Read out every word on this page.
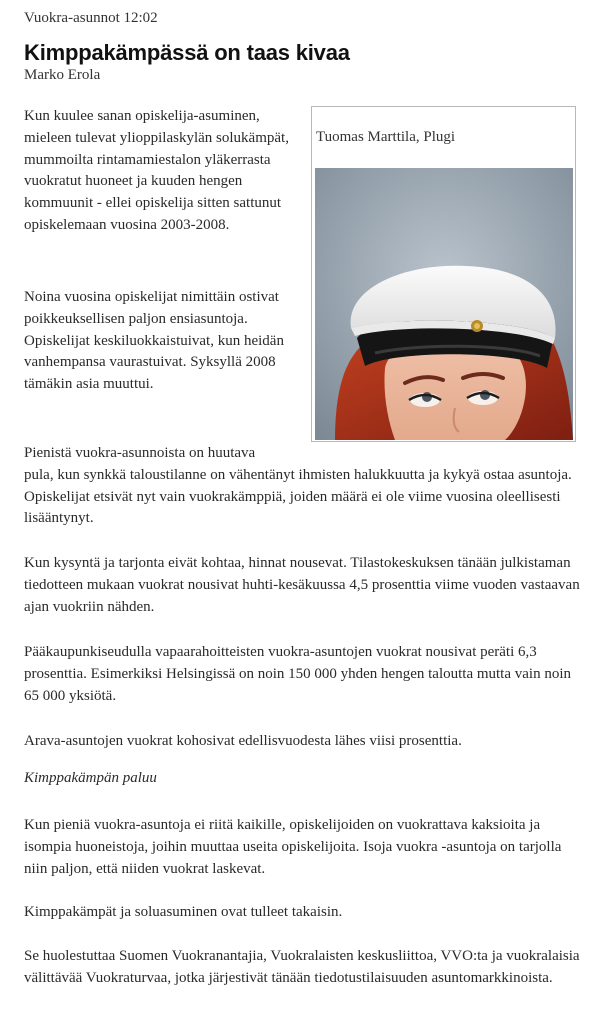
Vuokra-asunnot 12:02
Kimppakämpässä on taas kivaa
Marko Erola

Kun kuulee sanan opiskelija-asuminen, mieleen tulevat ylioppilaskylän solukämpät, mummoilta rintamamiestalon yläkerrasta vuokratut huoneet ja kuuden hengen kommuunit - ellei opiskelija sitten sattunut opiskelemaan vuosina 2003-2008.

Noina vuosina opiskelijat nimittäin ostivat poikkeuksellisen paljon ensiasuntoja. Opiskelijat keskiluokkaistuivat, kun heidän vanhempansa vaurastuivat. Syksyllä 2008 tämäkin asia muuttui.

Tuomas Marttila, Plugi

Pienistä vuokra-asunnoista on huutava
pula, kun synkkä taloustilanne on vähentänyt ihmisten halukkuutta ja kykyä ostaa asuntoja. Opiskelijat etsivät nyt vain vuokrakämppiä, joiden määrä ei ole viime vuosina oleellisesti lisääntynyt.

Kun kysyntä ja tarjonta eivät kohtaa, hinnat nousevat. Tilastokeskuksen tänään julkistaman tiedotteen mukaan vuokrat nousivat huhti-kesäkuussa 4,5 prosenttia viime vuoden vastaavan ajan vuokriin nähden.

Pääkaupunkiseudulla vapaarahoitteisten vuokra-asuntojen vuokrat nousivat peräti 6,3 prosenttia. Esimerkiksi Helsingissä on noin 150 000 yhden hengen taloutta mutta vain noin 65 000 yksiötä.

Arava-asuntojen vuokrat kohosivat edellisvuodesta lähes viisi prosenttia.

Kimppakämpän paluu

Kun pieniä vuokra-asuntoja ei riitä kaikille, opiskelijoiden on vuokrattava kaksioita ja isompia huoneistoja, joihin muuttaa useita opiskelijoita. Isoja vuokra -asuntoja on tarjolla niin paljon, että niiden vuokrat laskevat.

Kimppakämpät ja soluasuminen ovat tulleet takaisin.

Se huolestuttaa Suomen Vuokranantajia, Vuokralaisten keskusliittoa, VVO:ta ja vuokralaisia välittävää Vuokraturvaa, jotka järjestivät tänään tiedotustilaisuuden asuntomarkkinoista.
